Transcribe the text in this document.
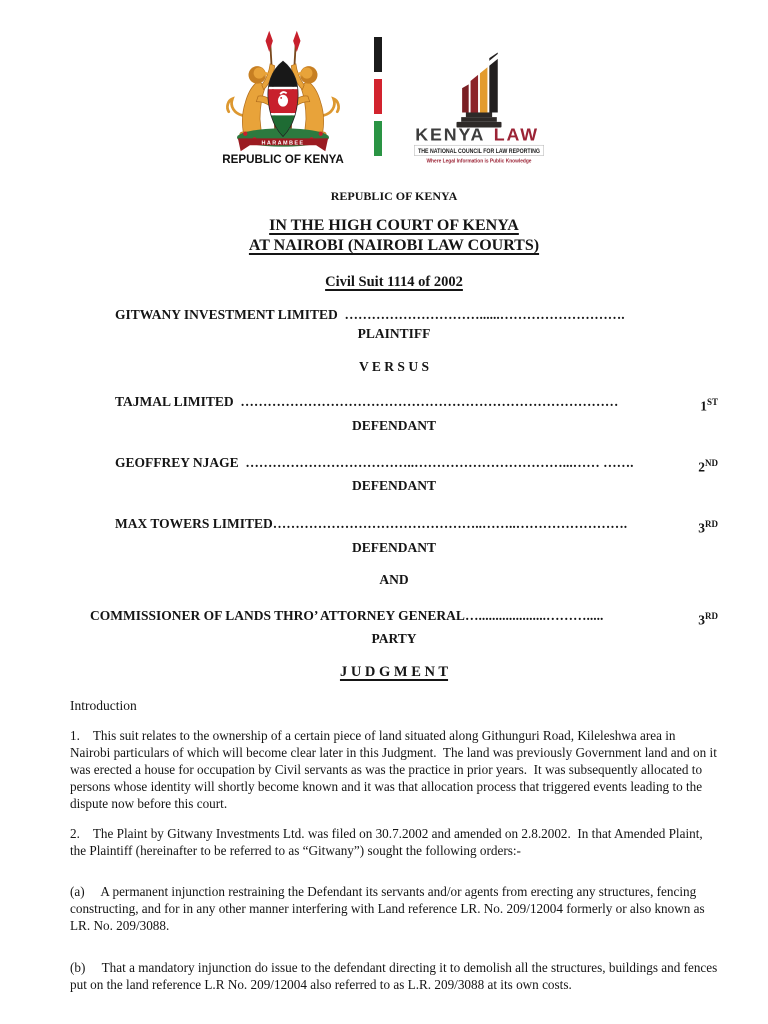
HARAMBEE
REPUBLIC OF KENYA
KENYA LAW
THE NATIONAL COUNCIL FOR LAW REPORTING
Where Legal Information is Public Knowledge
REPUBLIC OF KENYA
IN THE HIGH COURT OF KENYA
AT NAIROBI (NAIROBI LAW COURTS)
Civil Suit 1114 of 2002
GITWANY INVESTMENT LIMITED …………………………......……………………….
PLAINTIFF
V E R S U S
TAJMAL LIMITED …………………………………………………………………………	1ST
DEFENDANT
GEOFFREY NJAGE ………………………………..……………………………...…… …….	2ND
DEFENDANT
MAX TOWERS LIMITED ………………………………………..……..…………………….	3RD
DEFENDANT
AND
COMMISSIONER OF LANDS THRO’ ATTORNEY GENERAL …....................……….....	3RD
PARTY
J U D G M E N T
Introduction

1.    This suit relates to the ownership of a certain piece of land situated along Githunguri Road, Kileleshwa area in Nairobi particulars of which will become clear later in this Judgment.  The land was previously Government land and on it was erected a house for occupation by Civil servants as was the practice in prior years.  It was subsequently allocated to persons whose identity will shortly become known and it was that allocation process that triggered events leading to the dispute now before this court.

2.    The Plaint by Gitwany Investments Ltd. was filed on 30.7.2002 and amended on 2.8.2002.  In that Amended Plaint, the Plaintiff (hereinafter to be referred to as “Gitwany”) sought the following orders:-

(a)     A permanent injunction restraining the Defendant its servants and/or agents from erecting any structures, fencing constructing, and for in any other manner interfering with Land reference LR. No. 209/12004 formerly or also known as LR. No. 209/3088.

(b)     That a mandatory injunction do issue to the defendant directing it to demolish all the structures, buildings and fences put on the land reference L.R No. 209/12004 also referred to as L.R. 209/3088 at its own costs.
